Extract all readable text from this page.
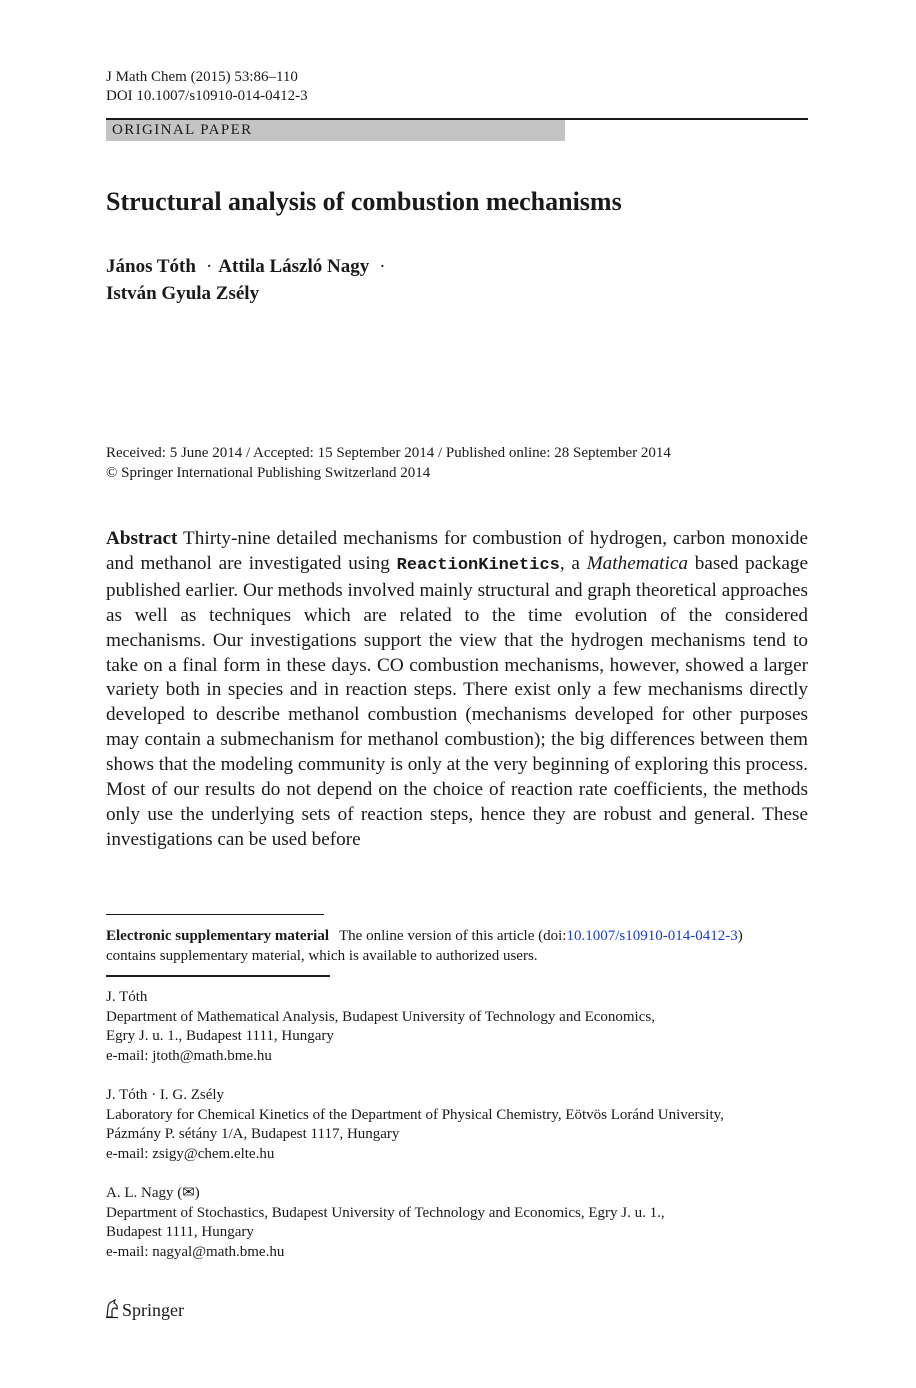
J Math Chem (2015) 53:86–110
DOI 10.1007/s10910-014-0412-3
ORIGINAL PAPER
Structural analysis of combustion mechanisms
János Tóth · Attila László Nagy ·
István Gyula Zsély
Received: 5 June 2014 / Accepted: 15 September 2014 / Published online: 28 September 2014
© Springer International Publishing Switzerland 2014
Abstract Thirty-nine detailed mechanisms for combustion of hydrogen, carbon monoxide and methanol are investigated using ReactionKinetics, a Mathematica based package published earlier. Our methods involved mainly structural and graph theoretical approaches as well as techniques which are related to the time evolution of the considered mechanisms. Our investigations support the view that the hydrogen mechanisms tend to take on a final form in these days. CO combustion mechanisms, however, showed a larger variety both in species and in reaction steps. There exist only a few mechanisms directly developed to describe methanol combustion (mechanisms developed for other purposes may contain a submechanism for methanol combustion); the big differences between them shows that the modeling community is only at the very beginning of exploring this process. Most of our results do not depend on the choice of reaction rate coefficients, the methods only use the underlying sets of reaction steps, hence they are robust and general. These investigations can be used before
Electronic supplementary material The online version of this article (doi:10.1007/s10910-014-0412-3)
contains supplementary material, which is available to authorized users.
J. Tóth
Department of Mathematical Analysis, Budapest University of Technology and Economics,
Egry J. u. 1., Budapest 1111, Hungary
e-mail: jtoth@math.bme.hu
J. Tóth · I. G. Zsély
Laboratory for Chemical Kinetics of the Department of Physical Chemistry, Eötvös Loránd University,
Pázmány P. sétány 1/A, Budapest 1117, Hungary
e-mail: zsigy@chem.elte.hu
A. L. Nagy (✉)
Department of Stochastics, Budapest University of Technology and Economics, Egry J. u. 1.,
Budapest 1111, Hungary
e-mail: nagyal@math.bme.hu
Springer
